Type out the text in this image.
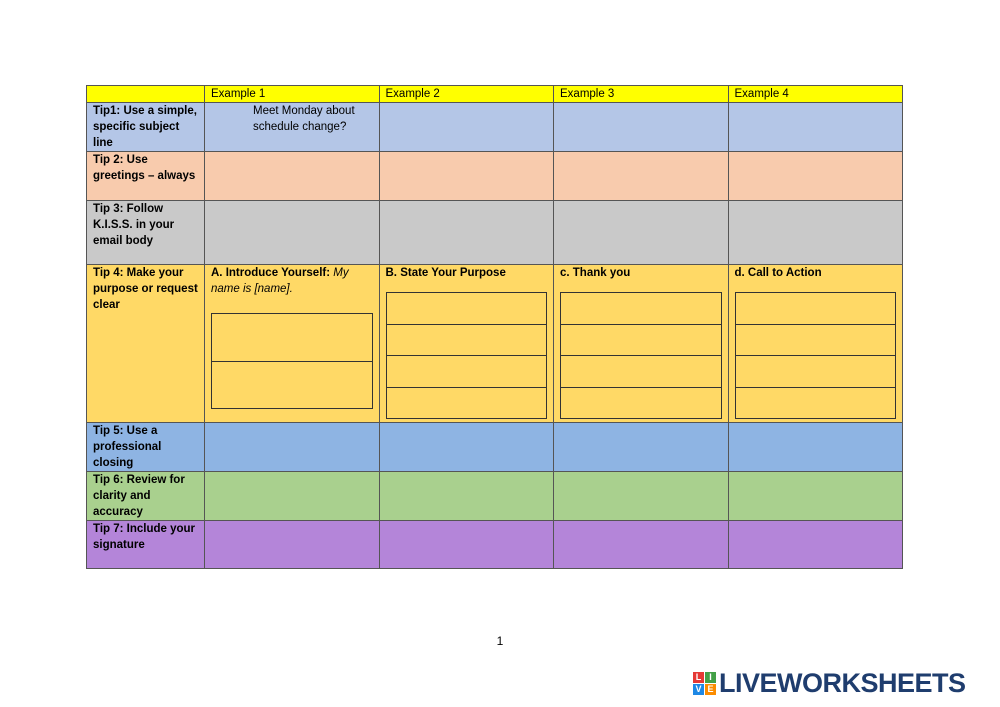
	Example 1	Example 2	Example 3	Example 4
Tip1: Use a simple, specific subject line	Meet Monday about schedule change?			

Tip 2: Use greetings – always				
Tip 3: Follow K.I.S.S. in your email body				
Tip 4: Make your purpose or request clear	A. Introduce Yourself: My name is [name].	B. State Your Purpose	c. Thank you	d. Call to Action

Tip 5: Use a professional closing				
Tip 6: Review for clarity and accuracy				
Tip 7: Include your signature				
1
L I
V E LIVEWORKSHEETS
